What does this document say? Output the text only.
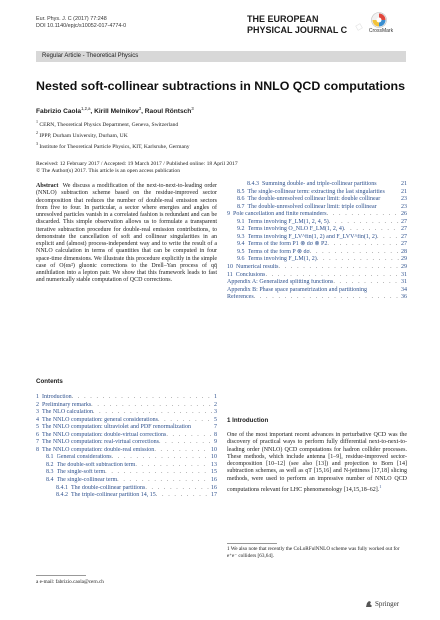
▫
Eur. Phys. J. C (2017) 77:248
DOI 10.1140/epjc/s10052-017-4774-0
THE EUROPEAN
PHYSICAL JOURNAL C	CrossMark
Regular Article - Theoretical Physics
Nested soft-collinear subtractions in NNLO QCD computations
Fabrizio Caola$^{1,2,a}$, Kirill Melnikov$^3$, Raoul Röntsch$^3$
$^1$ CERN, Theoretical Physics Department, Geneva, Switzerland
$^2$ IPPP, Durham University, Durham, UK
$^3$ Institute for Theoretical Particle Physics, KIT, Karlsruhe, Germany
Received: 12 February 2017 / Accepted: 19 March 2017 / Published online: 18 April 2017
© The Author(s) 2017. This article is an open access publication
Abstract We discuss a modification of the next-to-next-to-leading order (NNLO) subtraction scheme based on the residue-improved sector decomposition that reduces the number of double-real emission sectors from five to four. In particular, a sector where energies and angles of unresolved particles vanish in a correlated fashion is redundant and can be discarded. This simple observation allows us to formulate a transparent iterative subtraction procedure for double-real emission contributions, to demonstrate the cancellation of soft and collinear singularities in an explicit and (almost) process-independent way and to write the result of a NNLO calculation in terms of quantities that can be computed in four space-time dimensions. We illustrate this procedure explicitly in the simple case of O(αs²) gluonic corrections to the Drell–Yan process of qq̄ annihilation into a lepton pair. We show that this framework leads to fast and numerically stable computation of QCD corrections.
Contents
1 Introduction . . .	1
2 Preliminary remarks . . .	2
3 The NLO calculation . . .	3
4 The NNLO computation: general considerations . . .	5
5 The NNLO computation: ultraviolet and PDF renormalization	7
6 The NNLO computation: double-virtual corrections . . .	8
7 The NNLO computation: real-virtual corrections . . .	9
8 The NNLO computation: double-real emission . . .	10
8.1 General considerations . . .	10
8.2 The double-soft subtraction term . . .	13
8.3 The single-soft term . . .	15
8.4 The single-collinear term . . .	16
8.4.1 The double-collinear partitions . . .	16
8.4.2 The triple-collinear partition 14, 15 . . .	17
8.4.3 Summing double- and triple-collinear partitions	21
8.5 The single-collinear term: extracting the last singularities	21
8.6 The double-unresolved collinear limit: double collinear	23
8.7 The double-unresolved collinear limit: triple collinear	23
9 Pole cancellation and finite remainders . . .	26
9.1 Terms involving F_LM(1, 2, 4, 5) . . .	27
9.2 Terms involving Ô_NLO F_LM(1, 2, 4) . . .	27
9.3 Terms involving F_LV^fin(1, 2) and F_LVV^fin(1, 2) . . .	27
9.4 Terms of the form P1 ⊗ dσ ⊗ P2 . . .	27
9.5 Terms of the form P ⊗ dσ . . .	28
9.6 Terms involving F_LM(1, 2) . . .	29
10 Numerical results . . .	29
11 Conclusions . . .	31
Appendix A: Generalized splitting functions . . .	31
Appendix B: Phase space parametrization and partitioning	34
References . . .	36
1 Introduction
One of the most important recent advances in perturbative QCD was the discovery of practical ways to perform fully differential next-to-next-to-leading order (NNLO) QCD computations for hadron collider processes. These methods, which include antenna [1–9], residue-improved sector-decomposition [10–12] (see also [13]) and projection to Born [14] subtraction schemes, as well as qT [15,16] and N-jettiness [17,18] slicing methods, were used to perform an impressive number of NNLO QCD computations relevant for LHC phenomenology [14,15,18–62].$^1$
a e-mail: fabrizio.caola@cern.ch
1 We also note that recently the CoLoRFulNNLO scheme was fully worked out for e⁺e⁻ colliders [63,64].
Springer
